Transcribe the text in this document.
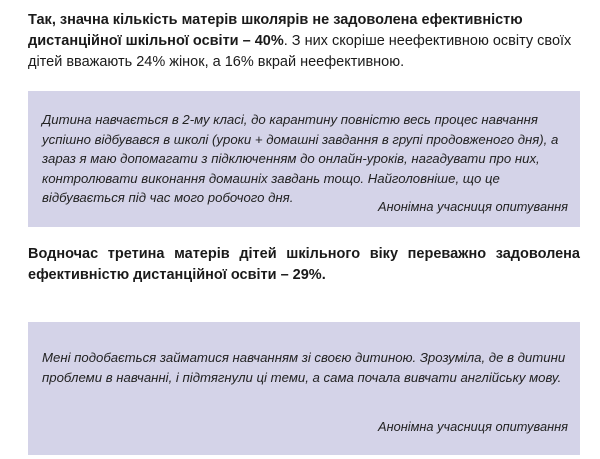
Так, значна кількість матерів школярів не задоволена ефективністю дистанційної шкільної освіти – 40%. З них скоріше неефективною освіту своїх дітей вважають 24% жінок, а 16% вкрай неефективною.

Дитина навчається в 2-му класі, до карантину повністю весь процес навчання успішно відбувався в школі (уроки + домашні завдання в групі продовженого дня), а зараз я маю допомагати з підключенням до онлайн-уроків, нагадувати про них, контролювати виконання домашніх завдань тощо. Найголовніше, що це відбувається під час мого робочого дня.

Анонімна учасниця опитування

Водночас третина матерів дітей шкільного віку переважно задоволена ефективністю дистанційної освіти – 29%.

Мені подобається займатися навчанням зі своєю дитиною. Зрозуміла, де в дитини проблеми в навчанні, і підтягнули ці теми, а сама почала вивчати англійську мову.

Анонімна учасниця опитування
